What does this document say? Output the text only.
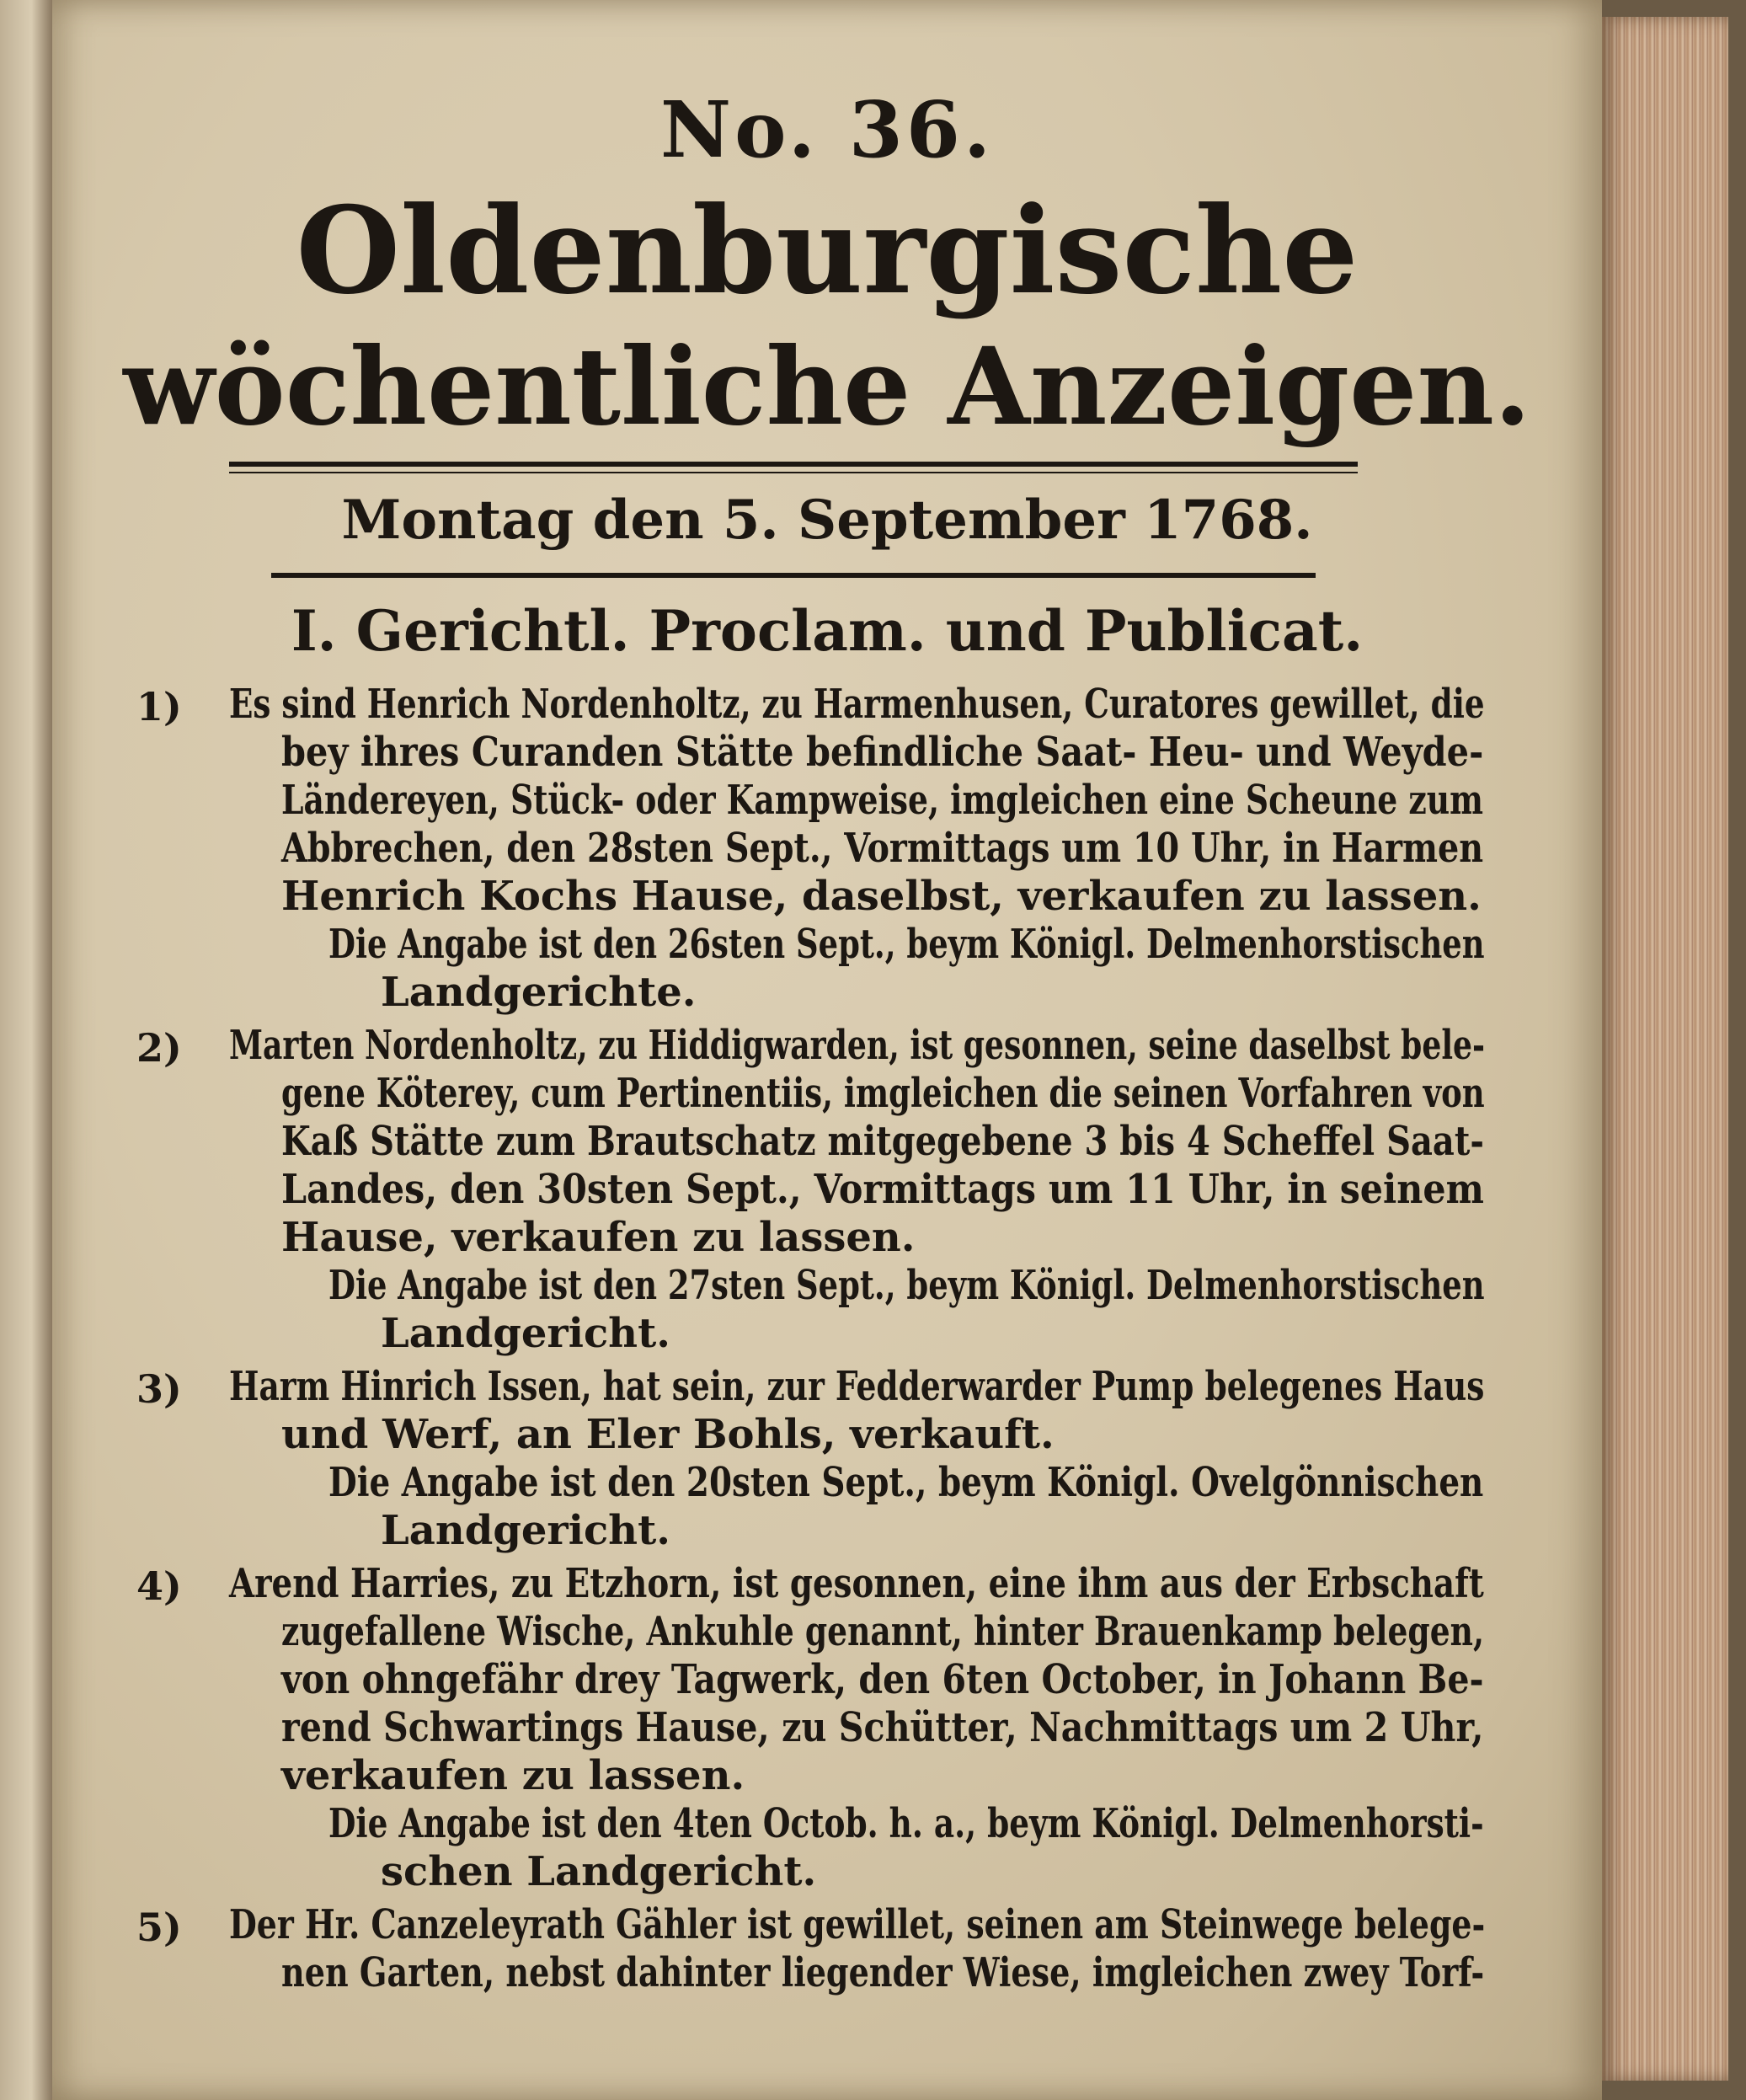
No. 36.
Oldenburgische
wöchentliche Anzeigen.
Montag den 5. September 1768.
I. Gerichtl. Proclam. und Publicat.
1) Es sind Henrich Nordenholtz, zu Harmenhusen, Curatores gewillet, die
bey ihres Curanden Stätte befindliche Saat- Heu- und Weyde-
Ländereyen, Stück- oder Kampweise, imgleichen eine Scheune zum
Abbrechen, den 28sten Sept., Vormittags um 10 Uhr, in Harmen
Henrich Kochs Hause, daselbst, verkaufen zu lassen.
Die Angabe ist den 26sten Sept., beym Königl. Delmenhorstischen
Landgerichte.
2) Marten Nordenholtz, zu Hiddigwarden, ist gesonnen, seine daselbst bele-
gene Köterey, cum Pertinentiis, imgleichen die seinen Vorfahren von
Kaß Stätte zum Brautschatz mitgegebene 3 bis 4 Scheffel Saat-
Landes, den 30sten Sept., Vormittags um 11 Uhr, in seinem
Hause, verkaufen zu lassen.
Die Angabe ist den 27sten Sept., beym Königl. Delmenhorstischen
Landgericht.
3) Harm Hinrich Issen, hat sein, zur Fedderwarder Pump belegenes Haus
und Werf, an Eler Bohls, verkauft.
Die Angabe ist den 20sten Sept., beym Königl. Ovelgönnischen
Landgericht.
4) Arend Harries, zu Etzhorn, ist gesonnen, eine ihm aus der Erbschaft
zugefallene Wische, Ankuhle genannt, hinter Brauenkamp belegen,
von ohngefähr drey Tagwerk, den 6ten October, in Johann Be-
rend Schwartings Hause, zu Schütter, Nachmittags um 2 Uhr,
verkaufen zu lassen.
Die Angabe ist den 4ten Octob. h. a., beym Königl. Delmenhorsti-
schen Landgericht.
5) Der Hr. Canzeleyrath Gähler ist gewillet, seinen am Steinwege belege-
nen Garten, nebst dahinter liegender Wiese, imgleichen zwey Torf-
